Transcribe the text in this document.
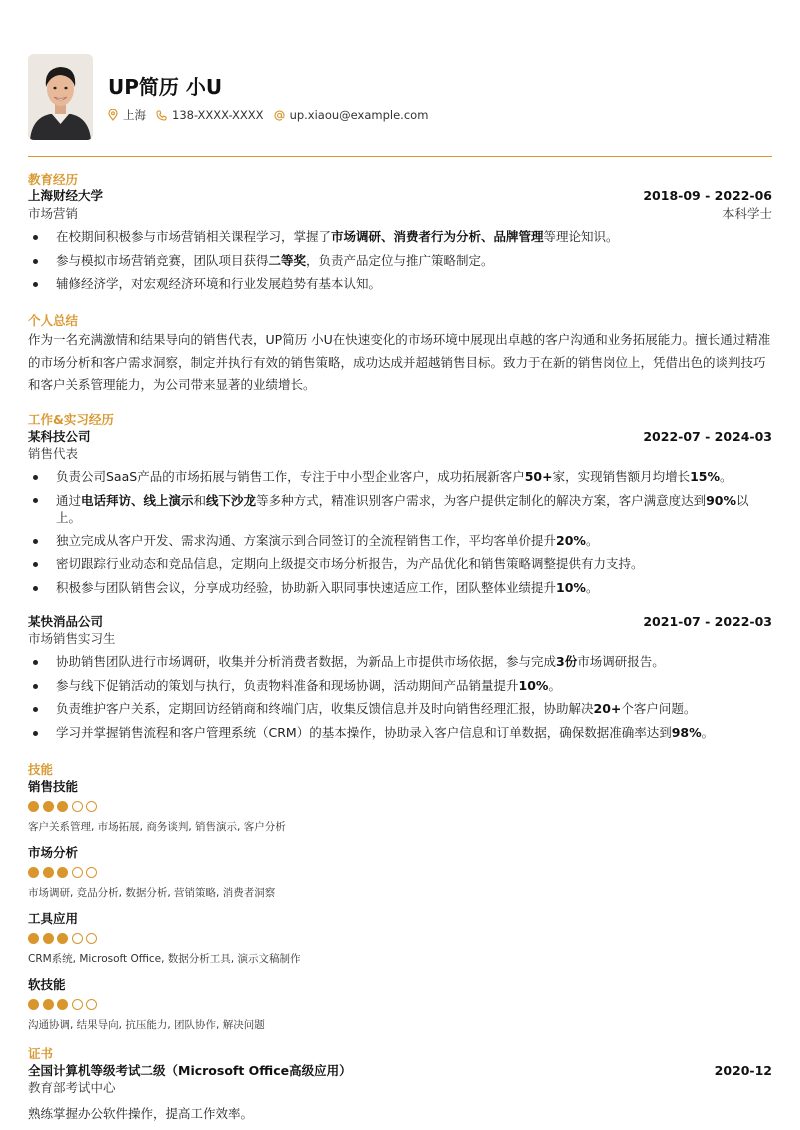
UP简历 小U
上海 138-XXXX-XXXX up.xiaou@example.com
教育经历
上海财经大学	2018-09 - 2022-06
市场营销	本科学士
在校期间积极参与市场营销相关课程学习，掌握了市场调研、消费者行为分析、品牌管理等理论知识。
参与模拟市场营销竞赛，团队项目获得二等奖，负责产品定位与推广策略制定。
辅修经济学，对宏观经济环境和行业发展趋势有基本认知。
个人总结

作为一名充满激情和结果导向的销售代表，UP简历 小U在快速变化的市场环境中展现出卓越的客户沟通和业务拓展能力。擅长通过精准的市场分析和客户需求洞察，制定并执行有效的销售策略，成功达成并超越销售目标。致力于在新的销售岗位上，凭借出色的谈判技巧和客户关系管理能力，为公司带来显著的业绩增长。

工作&实习经历
某科技公司	2022-07 - 2024-03
销售代表
负责公司SaaS产品的市场拓展与销售工作，专注于中小型企业客户，成功拓展新客户50+家，实现销售额月均增长15%。
通过电话拜访、线上演示和线下沙龙等多种方式，精准识别客户需求，为客户提供定制化的解决方案，客户满意度达到90%以上。
独立完成从客户开发、需求沟通、方案演示到合同签订的全流程销售工作，平均客单价提升20%。
密切跟踪行业动态和竞品信息，定期向上级提交市场分析报告，为产品优化和销售策略调整提供有力支持。
积极参与团队销售会议，分享成功经验，协助新入职同事快速适应工作，团队整体业绩提升10%。
某快消品公司	2021-07 - 2022-03
市场销售实习生
协助销售团队进行市场调研，收集并分析消费者数据，为新品上市提供市场依据，参与完成3份市场调研报告。
参与线下促销活动的策划与执行，负责物料准备和现场协调，活动期间产品销量提升10%。
负责维护客户关系，定期回访经销商和终端门店，收集反馈信息并及时向销售经理汇报，协助解决20+个客户问题。
学习并掌握销售流程和客户管理系统（CRM）的基本操作，协助录入客户信息和订单数据，确保数据准确率达到98%。
技能
销售技能
客户关系管理, 市场拓展, 商务谈判, 销售演示, 客户分析
市场分析
市场调研, 竞品分析, 数据分析, 营销策略, 消费者洞察
工具应用
CRM系统, Microsoft Office, 数据分析工具, 演示文稿制作
软技能
沟通协调, 结果导向, 抗压能力, 团队协作, 解决问题
证书
全国计算机等级考试二级（Microsoft Office高级应用）	2020-12
教育部考试中心

熟练掌握办公软件操作，提高工作效率。
